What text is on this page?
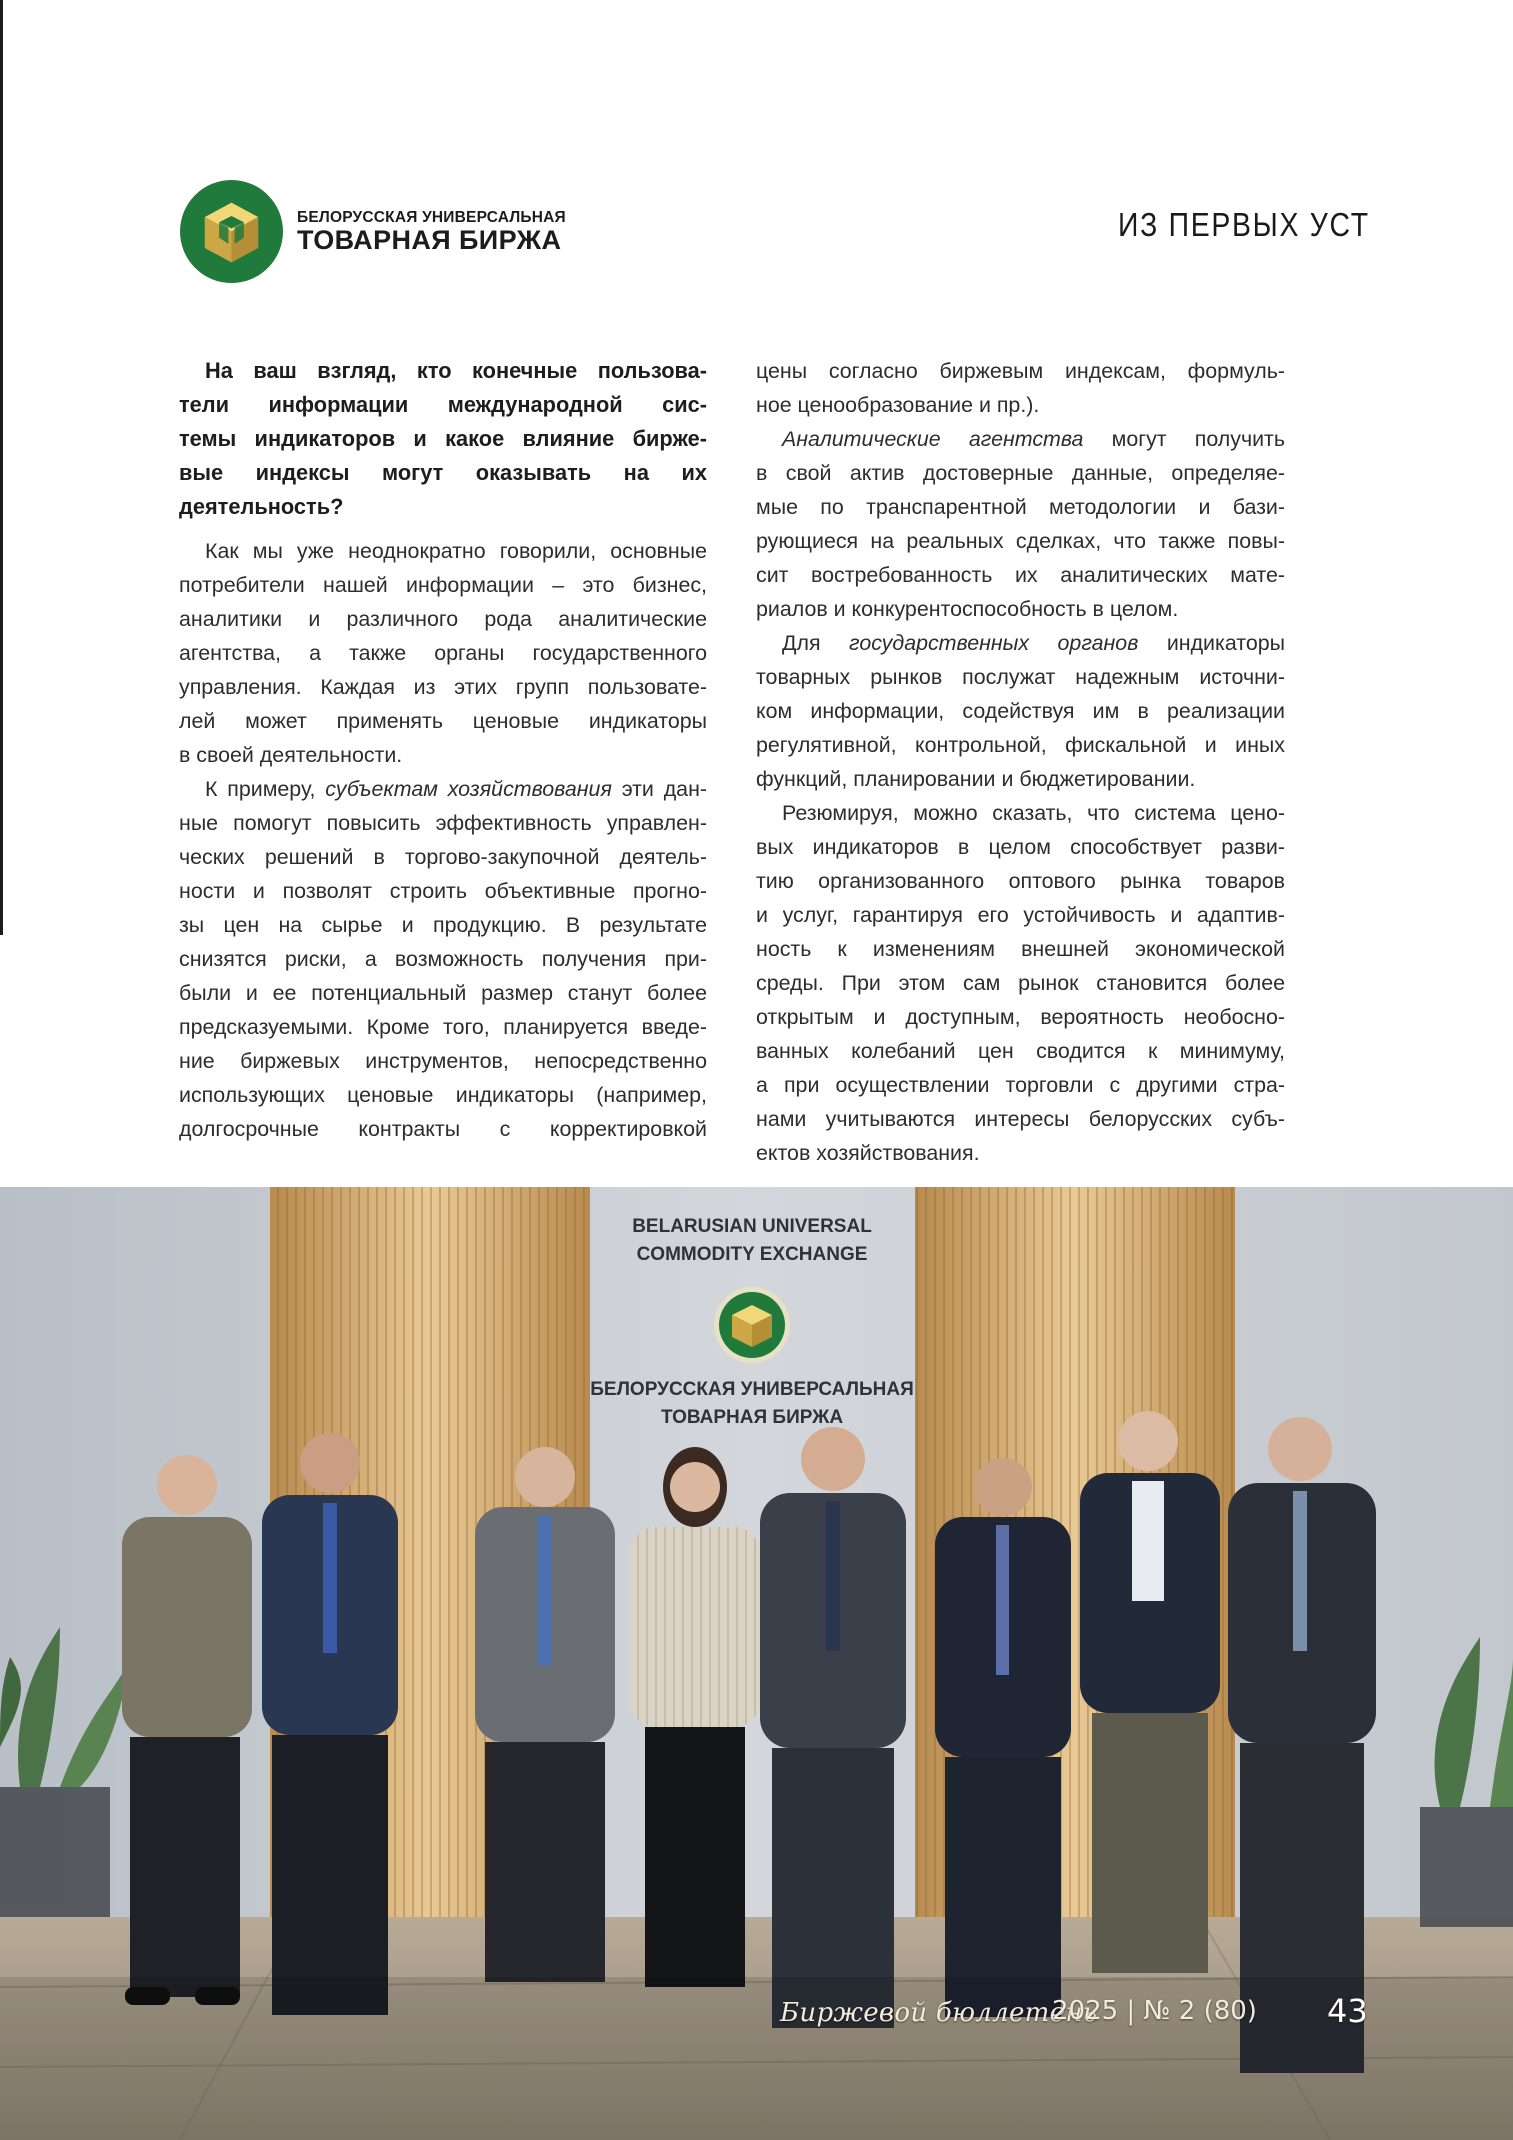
БЕЛОРУССКАЯ УНИВЕРСАЛЬНАЯ
ТОВАРНАЯ БИРЖА	ИЗ ПЕРВЫХ УСТ
На ваш взгляд, кто конечные пользова-
тели информации международной сис-
темы индикаторов и какое влияние бирже-
вые индексы могут оказывать на их
деятельность?
Как мы уже неоднократно говорили, основные
потребители нашей информации – это бизнес,
аналитики и различного рода аналитические
агентства, а также органы государственного
управления. Каждая из этих групп пользовате-
лей может применять ценовые индикаторы
в своей деятельности.
К примеру, субъектам хозяйствования эти дан-
ные помогут повысить эффективность управлен-
ческих решений в торгово-закупочной деятель-
ности и позволят строить объективные прогно-
зы цен на сырье и продукцию. В результате
снизятся риски, а возможность получения при-
были и ее потенциальный размер станут более
предсказуемыми. Кроме того, планируется введе-
ние биржевых инструментов, непосредственно
использующих ценовые индикаторы (например,
долгосрочные контракты с корректировкой
цены согласно биржевым индексам, формуль-
ное ценообразование и пр.).
Аналитические агентства могут получить
в свой актив достоверные данные, определяе-
мые по транспарентной методологии и бази-
рующиеся на реальных сделках, что также повы-
сит востребованность их аналитических мате-
риалов и конкурентоспособность в целом.
Для государственных органов индикаторы
товарных рынков послужат надежным источни-
ком информации, содействуя им в реализации
регулятивной, контрольной, фискальной и иных
функций, планировании и бюджетировании.
Резюмируя, можно сказать, что система цено-
вых индикаторов в целом способствует разви-
тию организованного оптового рынка товаров
и услуг, гарантируя его устойчивость и адаптив-
ность к изменениям внешней экономической
среды. При этом сам рынок становится более
открытым и доступным, вероятность необосно-
ванных колебаний цен сводится к минимуму,
а при осуществлении торговли с другими стра-
нами учитываются интересы белорусских субъ-
ектов хозяйствования.
BELARUSIAN UNIVERSAL
COMMODITY EXCHANGE
БЕЛОРУССКАЯ УНИВЕРСАЛЬНАЯ
ТОВАРНАЯ БИРЖА
Биржевой бюллетень
2025 | № 2 (80) 43
